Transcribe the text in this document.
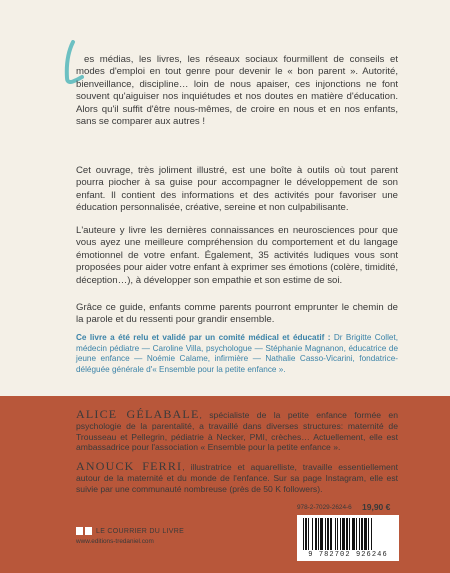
es médias, les livres, les réseaux sociaux fourmillent de conseils et modes d'emploi en tout genre pour devenir le « bon parent ». Autorité, bienveillance, discipline… loin de nous apaiser, ces injonctions ne font souvent qu'aiguiser nos inquiétudes et nos doutes en matière d'éducation. Alors qu'il suffit d'être nous-mêmes, de croire en nous et en nos enfants, sans se comparer aux autres !

Cet ouvrage, très joliment illustré, est une boîte à outils où tout parent pourra piocher à sa guise pour accompagner le développement de son enfant. Il contient des informations et des activités pour favoriser une éducation personnalisée, créative, sereine et non culpabilisante.

L'auteure y livre les dernières connaissances en neurosciences pour que vous ayez une meilleure compréhension du comportement et du langage émotionnel de votre enfant. Également, 35 activités ludiques vous sont proposées pour aider votre enfant à exprimer ses émotions (colère, timidité, déception…), à développer son empathie et son estime de soi.

Grâce ce guide, enfants comme parents pourront emprunter le chemin de la parole et du ressenti pour grandir ensemble.

Ce livre a été relu et validé par un comité médical et éducatif : Dr Brigitte Collet, médecin pédiatre — Caroline Villa, psychologue — Stéphanie Magnanon, éducatrice de jeune enfance — Noémie Calame, infirmière — Nathalie Casso-Vicarini, fondatrice-déléguée générale d'« Ensemble pour la petite enfance ».

ALICE GÉLABALE, spécialiste de la petite enfance formée en psychologie de la parentalité, a travaillé dans diverses structures: maternité de Trousseau et Pellegrin, pédiatrie à Necker, PMI, crèches… Actuellement, elle est ambassadrice pour l'association « Ensemble pour la petite enfance ».

ANOUCK FERRI, illustratrice et aquarelliste, travaille essentiellement autour de la maternité et du monde de l'enfance. Sur sa page Instagram, elle est suivie par une communauté nombreuse (près de 50 K followers).

LE COURRIER DU LIVRE
www.editions-tredaniel.com
978-2-7029-2624-6	19,90 €
9 782702 926246
